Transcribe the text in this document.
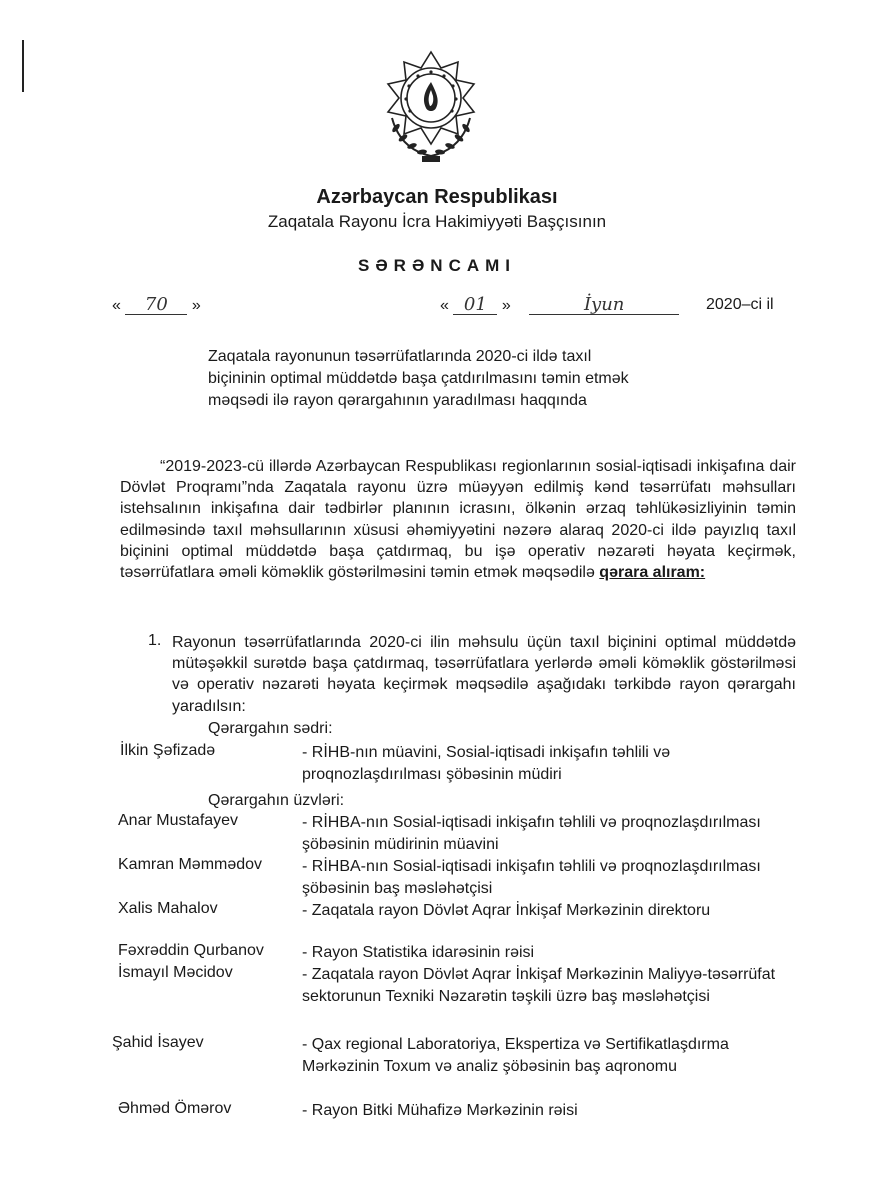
Azərbaycan Respublikası
Zaqatala Rayonu İcra Hakimiyyəti Başçısının
SƏRƏNCAMI
« 70 »	« 01 »	İyun	2020–ci il
Zaqatala rayonunun təsərrüfatlarında 2020-ci ildə taxıl biçininin optimal müddətdə başa çatdırılmasını təmin etmək məqsədi ilə rayon qərargahının yaradılması haqqında
“2019-2023-cü illərdə Azərbaycan Respublikası regionlarının sosial-iqtisadi inkişafına dair Dövlət Proqramı”nda Zaqatala rayonu üzrə müəyyən edilmiş kənd təsərrüfatı məhsulları istehsalının inkişafına dair tədbirlər planının icrasını, ölkənin ərzaq təhlükəsizliyinin təmin edilməsində taxıl məhsullarının xüsusi əhəmiyyətini nəzərə alaraq 2020-ci ildə payızlıq taxıl biçinini optimal müddətdə başa çatdırmaq, bu işə operativ nəzarəti həyata keçirmək, təsərrüfatlara əməli köməklik göstərilməsini təmin etmək məqsədilə qərara alıram:
1. Rayonun təsərrüfatlarında 2020-ci ilin məhsulu üçün taxıl biçinini optimal müddətdə mütəşəkkil surətdə başa çatdırmaq, təsərrüfatlara yerlərdə əməli köməklik göstərilməsi və operativ nəzarəti həyata keçirmək məqsədilə aşağıdakı tərkibdə rayon qərargahı yaradılsın:
Qərargahın sədri:
İlkin Şəfizadə	- RİHB-nın müavini, Sosial-iqtisadi inkişafın təhlili və proqnozlaşdırılması şöbəsinin müdiri
Qərargahın üzvləri:
Anar Mustafayev	- RİHBA-nın Sosial-iqtisadi inkişafın təhlili və proqnozlaşdırılması şöbəsinin müdirinin müavini
Kamran Məmmədov - RİHBA-nın Sosial-iqtisadi inkişafın təhlili və proqnozlaşdırılması şöbəsinin baş məsləhətçisi
Xalis Mahalov	- Zaqatala rayon Dövlət Aqrar İnkişaf Mərkəzinin direktoru
Fəxrəddin Qurbanov - Rayon Statistika idarəsinin rəisi
İsmayıl Məcidov	- Zaqatala rayon Dövlət Aqrar İnkişaf Mərkəzinin Maliyyə-təsərrüfat sektorunun Texniki Nəzarətin təşkili üzrə baş məsləhətçisi
Şahid İsayev	- Qax regional Laboratoriya, Ekspertiza və Sertifikatlaşdırma Mərkəzinin Toxum və analiz şöbəsinin baş aqronomu
Əhməd Ömərov	- Rayon Bitki Mühafizə Mərkəzinin rəisi
